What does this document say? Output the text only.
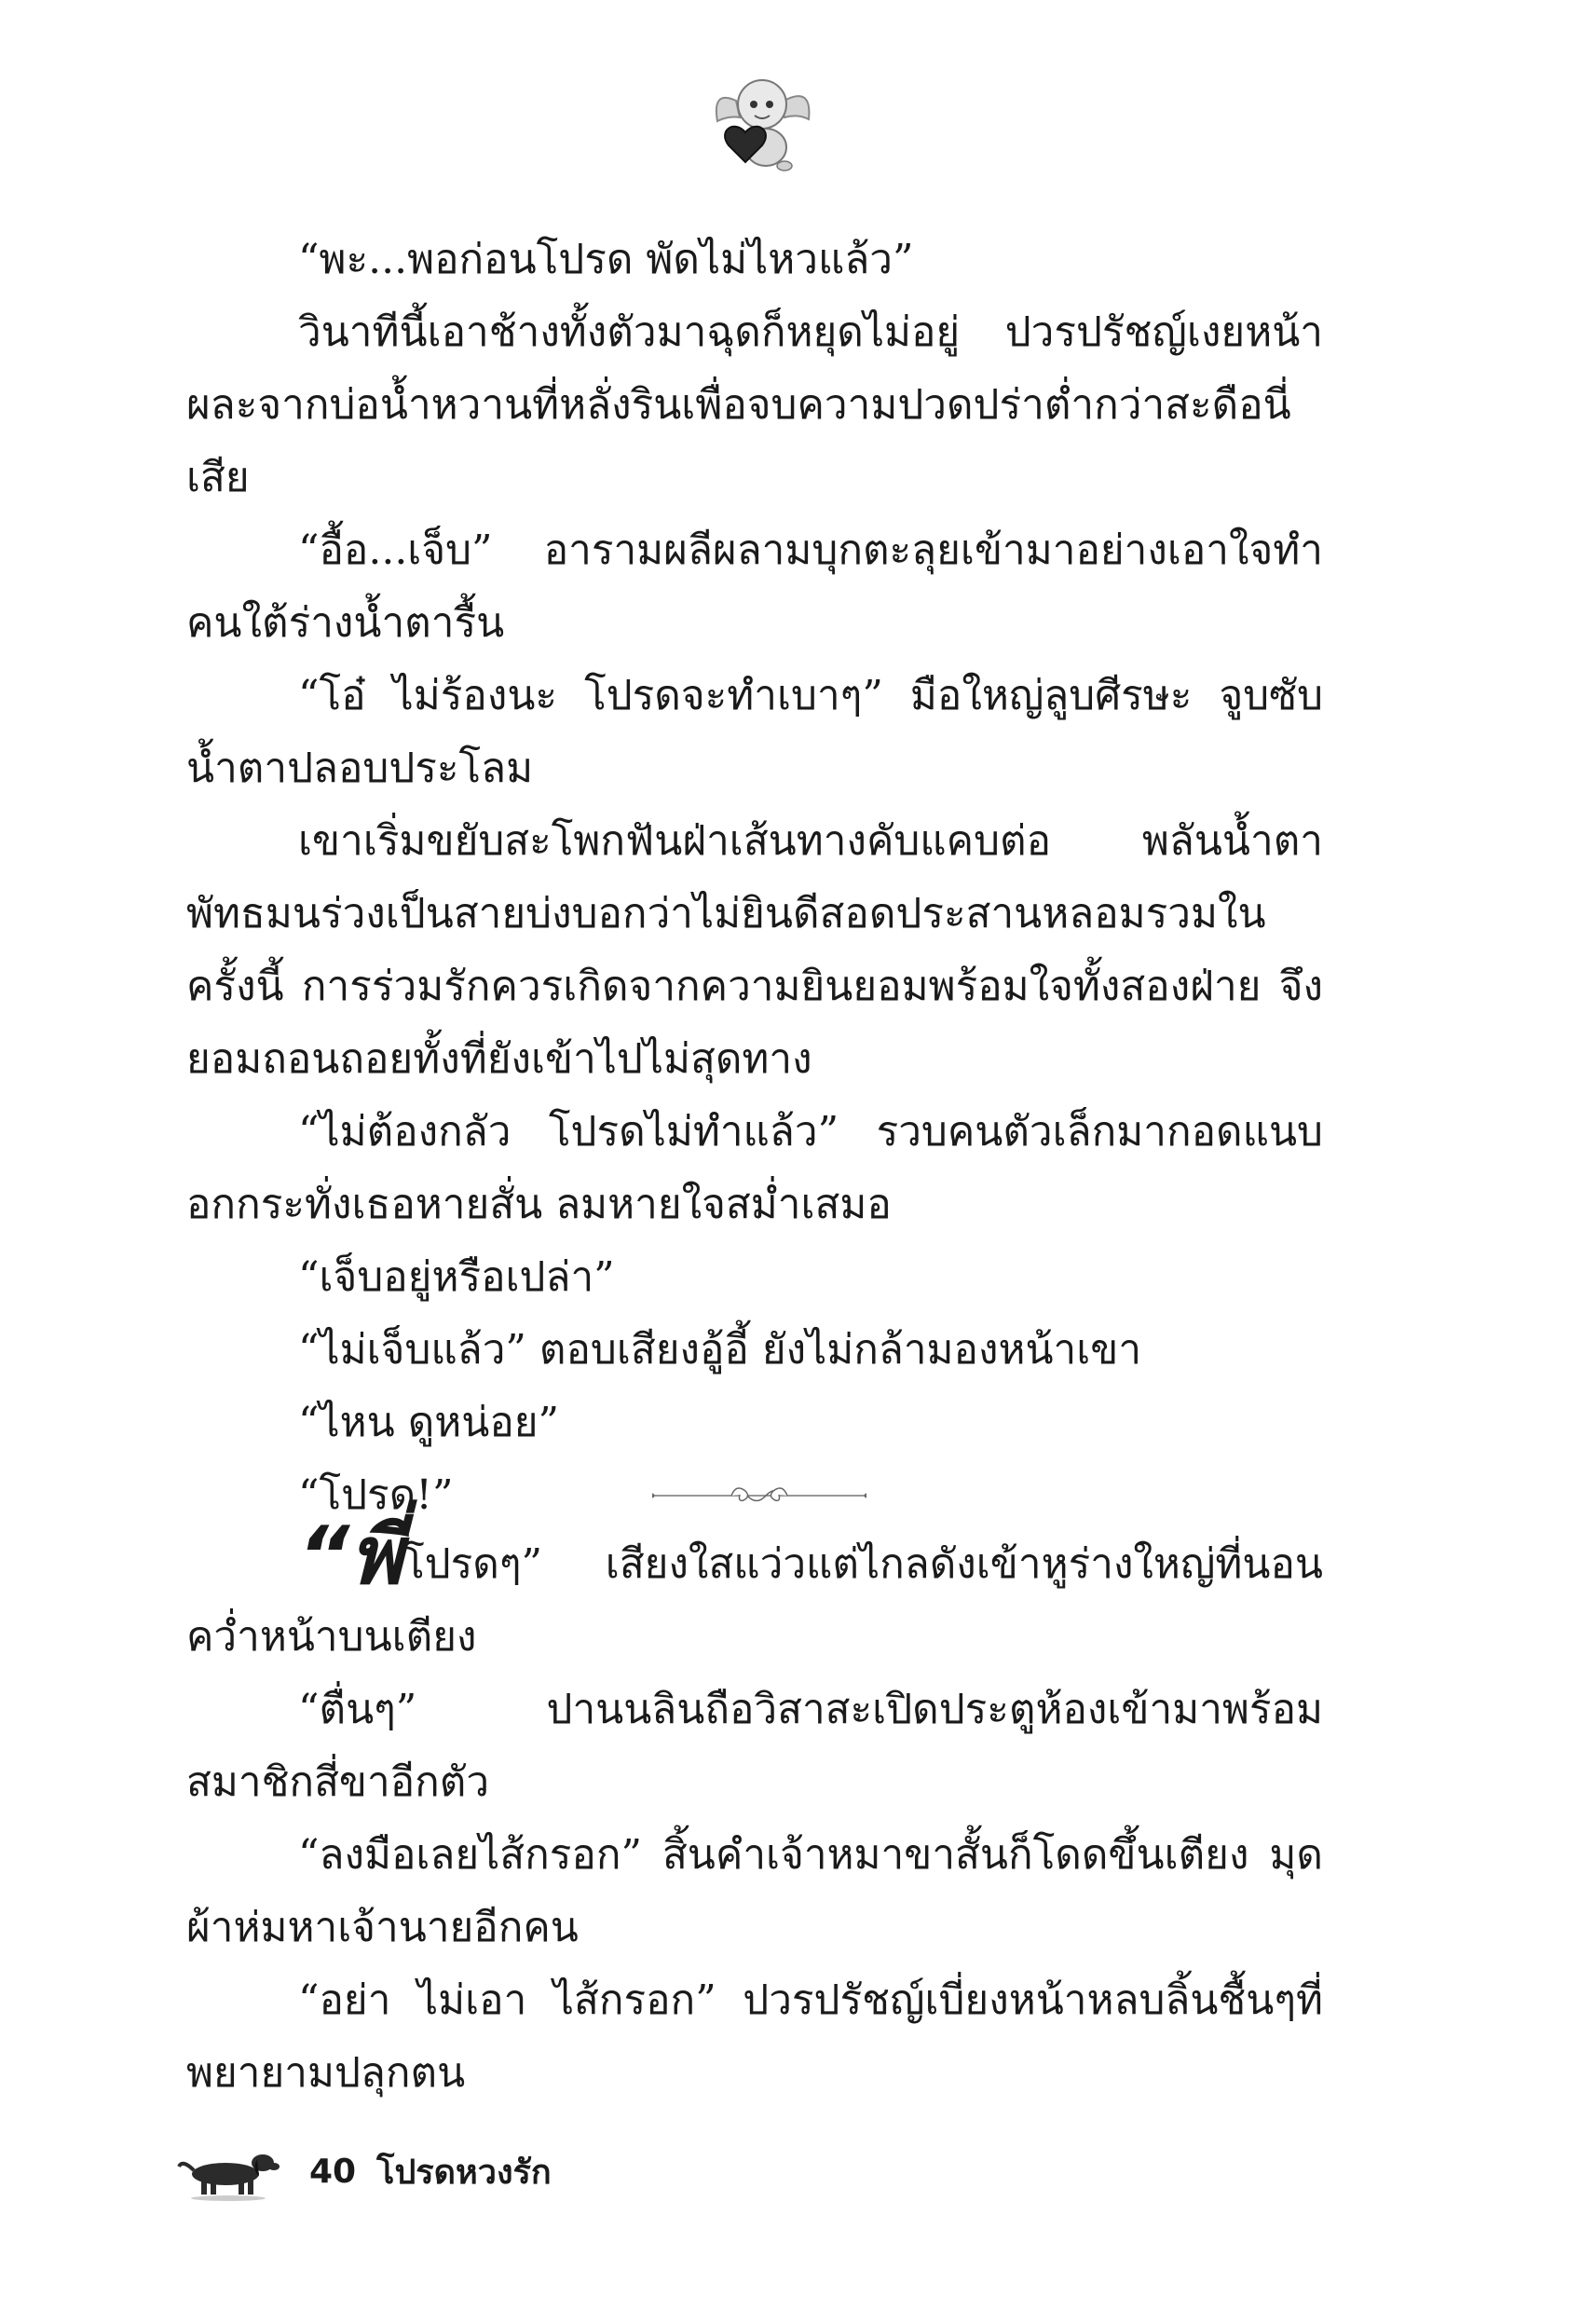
“พะ...พอก่อนโปรด พัดไม่ไหวแล้ว”

วินาทีนี้เอาช้างทั้งตัวมาฉุดก็หยุดไม่อยู่ ปวรปรัชญ์เงยหน้าผละจากบ่อน้ำหวานที่หลั่งรินเพื่อจบความปวดปร่าต่ำกว่าสะดือนี่เสีย

“อื้อ...เจ็บ” อารามผลีผลามบุกตะลุยเข้ามาอย่างเอาใจทำคนใต้ร่างน้ำตารื้น

“โอ๋ ไม่ร้องนะ โปรดจะทำเบาๆ” มือใหญ่ลูบศีรษะ จูบซับน้ำตาปลอบประโลม

เขาเริ่มขยับสะโพกฟันฝ่าเส้นทางคับแคบต่อ พลันน้ำตาพัทธมนร่วงเป็นสายบ่งบอกว่าไม่ยินดีสอดประสานหลอมรวมในครั้งนี้ การร่วมรักควรเกิดจากความยินยอมพร้อมใจทั้งสองฝ่าย จึงยอมถอนถอยทั้งที่ยังเข้าไปไม่สุดทาง

“ไม่ต้องกลัว โปรดไม่ทำแล้ว” รวบคนตัวเล็กมากอดแนบอกกระทั่งเธอหายสั่น ลมหายใจสม่ำเสมอ

“เจ็บอยู่หรือเปล่า”

“ไม่เจ็บแล้ว” ตอบเสียงอู้อี้ ยังไม่กล้ามองหน้าเขา

“ไหน ดูหน่อย”

“โปรด!”

“พี่โปรดๆ” เสียงใสแว่วแต่ไกลดังเข้าหูร่างใหญ่ที่นอนคว่ำหน้าบนเตียง

“ตื่นๆ” ปานนลินถือวิสาสะเปิดประตูห้องเข้ามาพร้อมสมาชิกสี่ขาอีกตัว

“ลงมือเลยไส้กรอก” สิ้นคำเจ้าหมาขาสั้นก็โดดขึ้นเตียง มุดผ้าห่มหาเจ้านายอีกคน

“อย่า ไม่เอา ไส้กรอก” ปวรปรัชญ์เบี่ยงหน้าหลบลิ้นชื้นๆที่พยายามปลุกตน

40 โปรดหวงรัก
